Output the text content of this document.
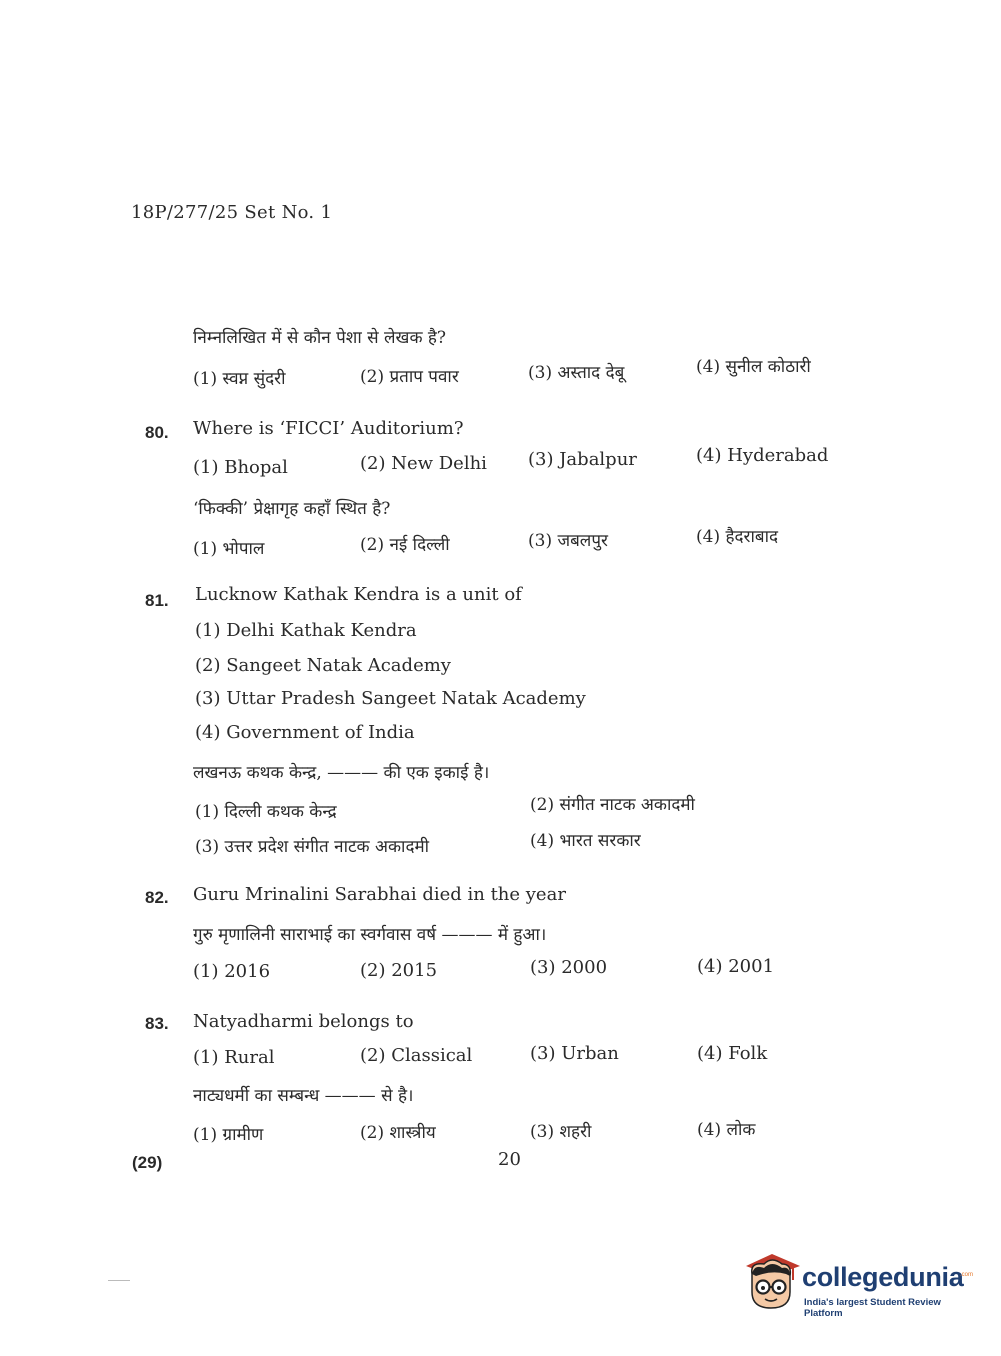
18P/277/25 Set No. 1
निम्नलिखित में से कौन पेशा से लेखक है?
(1) स्वप्न सुंदरी	(2) प्रताप पवार	(3) अस्ताद देबू	(4) सुनील कोठारी
80. Where is ‘FICCI’ Auditorium?
(1) Bhopal	(2) New Delhi (3) Jabalpur	(4) Hyderabad
‘फिक्की’ प्रेक्षागृह कहाँ स्थित है?
(1) भोपाल	(2) नई दिल्ली	(3) जबलपुर	(4) हैदराबाद
81. Lucknow Kathak Kendra is a unit of
(1) Delhi Kathak Kendra
(2) Sangeet Natak Academy
(3) Uttar Pradesh Sangeet Natak Academy
(4) Government of India
लखनऊ कथक केन्द्र, ——— की एक इकाई है।
(1) दिल्ली कथक केन्द्र	(2) संगीत नाटक अकादमी
(3) उत्तर प्रदेश संगीत नाटक अकादमी	(4) भारत सरकार
82. Guru Mrinalini Sarabhai died in the year
गुरु मृणालिनी साराभाई का स्वर्गवास वर्ष ——— में हुआ।
(1) 2016	(2) 2015	(3) 2000	(4) 2001
83. Natyadharmi belongs to
(1) Rural	(2) Classical	(3) Urban	(4) Folk
नाट्यधर्मी का सम्बन्ध ——— से है।
(1) ग्रामीण	(2) शास्त्रीय	(3) शहरी	(4) लोक
(29)	20
collegedunia
.com
India's largest Student Review Platform
